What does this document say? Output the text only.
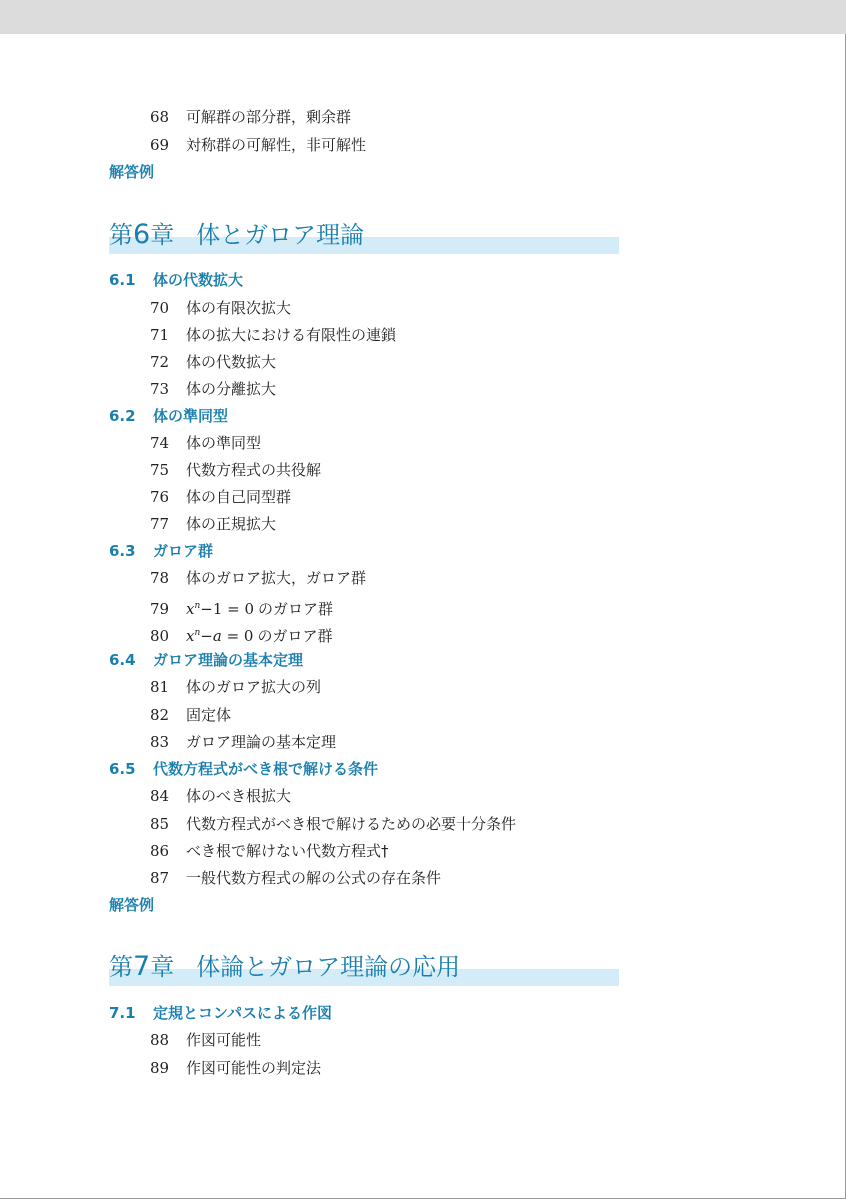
68 可解群の部分群，剰余群
69 対称群の可解性，非可解性
解答例
第6章 体とガロア理論
6.1 体の代数拡大
70 体の有限次拡大
71 体の拡大における有限性の連鎖
72 体の代数拡大
73 体の分離拡大
6.2 体の準同型
74 体の準同型
75 代数方程式の共役解
76 体の自己同型群
77 体の正規拡大
6.3 ガロア群
78 体のガロア拡大，ガロア群
79 $x^n-1 = 0$ のガロア群
80 $x^n-a = 0$ のガロア群
6.4 ガロア理論の基本定理
81 体のガロア拡大の列
82 固定体
83 ガロア理論の基本定理
6.5 代数方程式がべき根で解ける条件
84 体のべき根拡大
85 代数方程式がべき根で解けるための必要十分条件
86 べき根で解けない代数方程式†
87 一般代数方程式の解の公式の存在条件
解答例
第7章 体論とガロア理論の応用
7.1 定規とコンパスによる作図
88 作図可能性
89 作図可能性の判定法
